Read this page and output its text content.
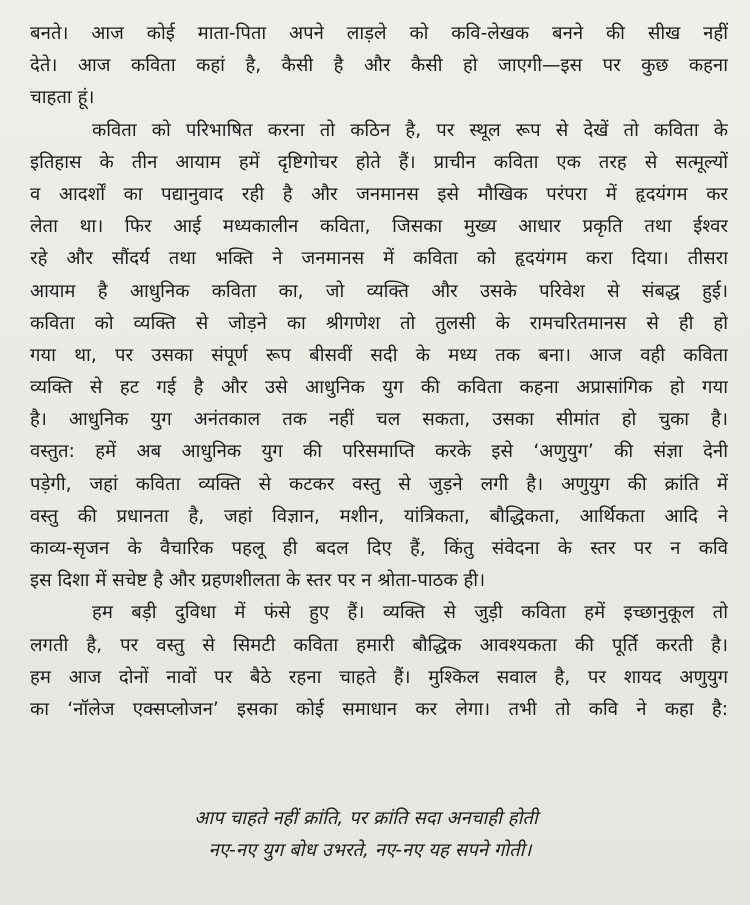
बनते। आज कोई माता-पिता अपने लाड़ले को कवि-लेखक बनने की सीख नहीं
देते। आज कविता कहां है, कैसी है और कैसी हो जाएगी—इस पर कुछ कहना
चाहता हूं।
कविता को परिभाषित करना तो कठिन है, पर स्थूल रूप से देखें तो कविता के
इतिहास के तीन आयाम हमें दृष्टिगोचर होते हैं। प्राचीन कविता एक तरह से सत्मूल्यों
व आदर्शों का पद्यानुवाद रही है और जनमानस इसे मौखिक परंपरा में हृदयंगम कर
लेता था। फिर आई मध्यकालीन कविता, जिसका मुख्य आधार प्रकृति तथा ईश्वर
रहे और सौंदर्य तथा भक्ति ने जनमानस में कविता को हृदयंगम करा दिया। तीसरा
आयाम है आधुनिक कविता का, जो व्यक्ति और उसके परिवेश से संबद्ध हुई।
कविता को व्यक्ति से जोड़ने का श्रीगणेश तो तुलसी के रामचरितमानस से ही हो
गया था, पर उसका संपूर्ण रूप बीसवीं सदी के मध्य तक बना। आज वही कविता
व्यक्ति से हट गई है और उसे आधुनिक युग की कविता कहना अप्रासांगिक हो गया
है। आधुनिक युग अनंतकाल तक नहीं चल सकता, उसका सीमांत हो चुका है।
वस्तुत: हमें अब आधुनिक युग की परिसमाप्ति करके इसे ‘अणुयुग’ की संज्ञा देनी
पड़ेगी, जहां कविता व्यक्ति से कटकर वस्तु से जुड़ने लगी है। अणुयुग की क्रांति में
वस्तु की प्रधानता है, जहां विज्ञान, मशीन, यांत्रिकता, बौद्धिकता, आर्थिकता आदि ने
काव्य-सृजन के वैचारिक पहलू ही बदल दिए हैं, किंतु संवेदना के स्तर पर न कवि
इस दिशा में सचेष्ट है और ग्रहणशीलता के स्तर पर न श्रोता-पाठक ही।
हम बड़ी दुविधा में फंसे हुए हैं। व्यक्ति से जुड़ी कविता हमें इच्छानुकूल तो
लगती है, पर वस्तु से सिमटी कविता हमारी बौद्धिक आवश्यकता की पूर्ति करती है।
हम आज दोनों नावों पर बैठे रहना चाहते हैं। मुश्किल सवाल है, पर शायद अणुयुग
का ‘नॉलेज एक्सप्लोजन’ इसका कोई समाधान कर लेगा। तभी तो कवि ने कहा है:
आप चाहते नहीं क्रांति, पर क्रांति सदा अनचाही होती
नए-नए युग बोध उभरते, नए-नए यह सपने गोती।
